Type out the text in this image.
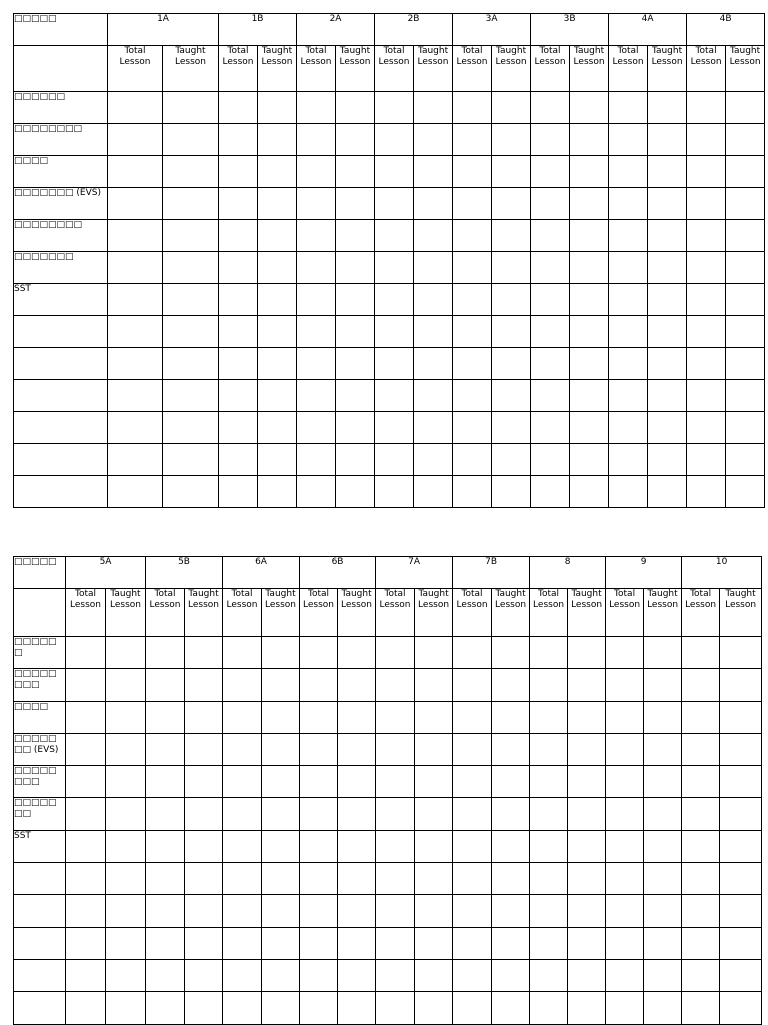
□□□□□	1A		1B		2A		2B		3A		3B		4A		4B	
	Total Lesson	Taught Lesson	Total Lesson	Taught Lesson	Total Lesson	Taught Lesson	Total Lesson	Taught Lesson	Total Lesson	Taught Lesson	Total Lesson	Taught Lesson	Total Lesson	Taught Lesson	Total Lesson	Taught Lesson
□□□□□□																
□□□□□□□□																
□□□□																
□□□□□□□ (EVS)																
□□□□□□□□																
□□□□□□□																
SST																

□□□□□	5A		5B		6A		6B		7A		7B		8		9		10	
	Total Lesson	Taught Lesson	Total Lesson	Taught Lesson	Total Lesson	Taught Lesson	Total Lesson	Taught Lesson	Total Lesson	Taught Lesson	Total Lesson	Taught Lesson	Total Lesson	Taught Lesson	Total Lesson	Taught Lesson	Total Lesson	Taught Lesson
□□□□□□																		
□□□□□□□□																		
□□□□																		
□□□□□□□ (EVS)																		
□□□□□□□□																		
□□□□□□□																		
SST																		
